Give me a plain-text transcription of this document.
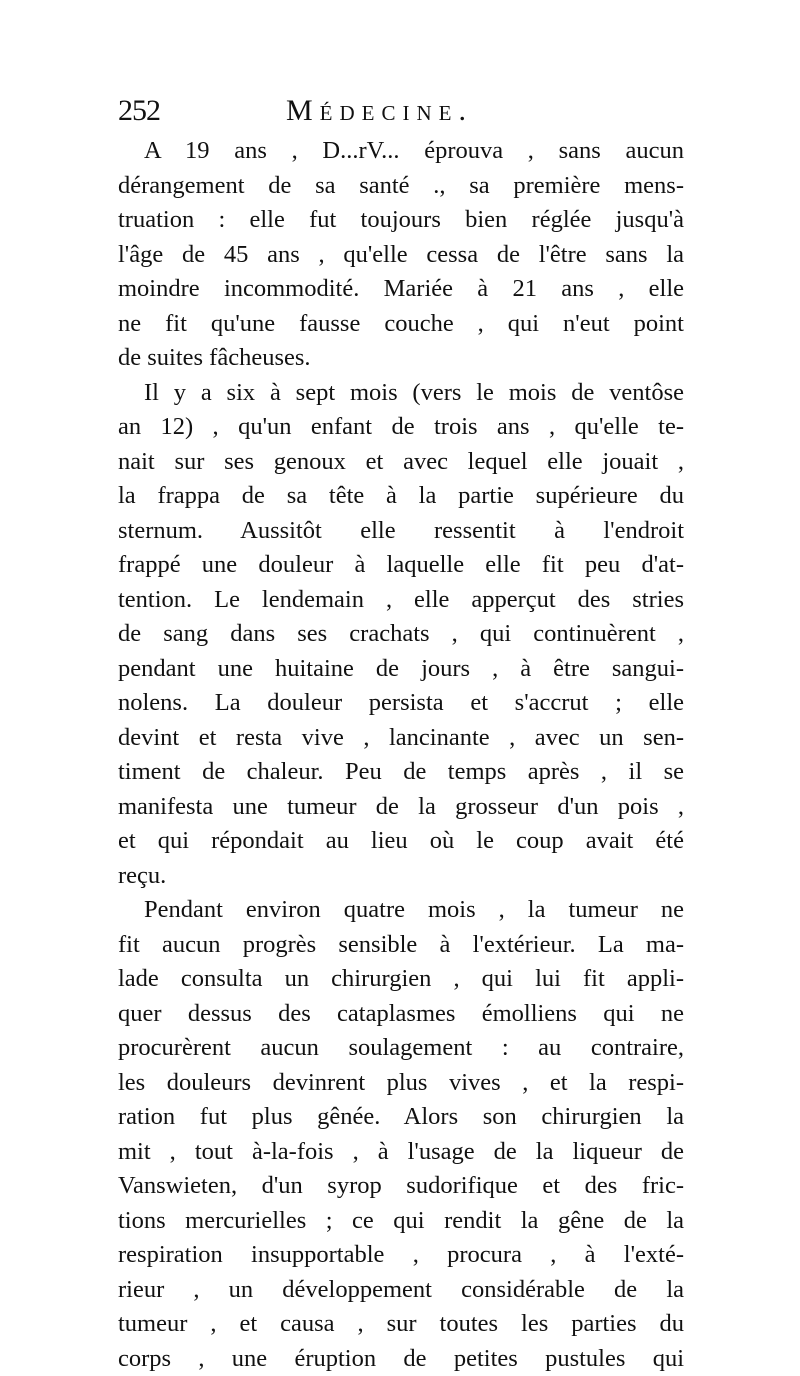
252	Médecine.
A 19 ans , D...rV... éprouva , sans aucun
dérangement de sa santé ., sa première mens-
truation : elle fut toujours bien réglée jusqu'à
l'âge de 45 ans , qu'elle cessa de l'être sans la
moindre incommodité. Mariée à 21 ans , elle
ne fit qu'une fausse couche , qui n'eut point
de suites fâcheuses.
Il y a six à sept mois (vers le mois de ventôse
an 12) , qu'un enfant de trois ans , qu'elle te-
nait sur ses genoux et avec lequel elle jouait ,
la frappa de sa tête à la partie supérieure du
sternum. Aussitôt elle ressentit à l'endroit
frappé une douleur à laquelle elle fit peu d'at-
tention. Le lendemain , elle apperçut des stries
de sang dans ses crachats , qui continuèrent ,
pendant une huitaine de jours , à être sangui-
nolens. La douleur persista et s'accrut ; elle
devint et resta vive , lancinante , avec un sen-
timent de chaleur. Peu de temps après , il se
manifesta une tumeur de la grosseur d'un pois ,
et qui répondait au lieu où le coup avait été
reçu.
Pendant environ quatre mois , la tumeur ne
fit aucun progrès sensible à l'extérieur. La ma-
lade consulta un chirurgien , qui lui fit appli-
quer dessus des cataplasmes émolliens qui ne
procurèrent aucun soulagement : au contraire,
les douleurs devinrent plus vives , et la respi-
ration fut plus gênée. Alors son chirurgien la
mit , tout à-la-fois , à l'usage de la liqueur de
Vanswieten, d'un syrop sudorifique et des fric-
tions mercurielles ; ce qui rendit la gêne de la
respiration insupportable , procura , à l'exté-
rieur , un développement considérable de la
tumeur , et causa , sur toutes les parties du
corps , une éruption de petites pustules qui
